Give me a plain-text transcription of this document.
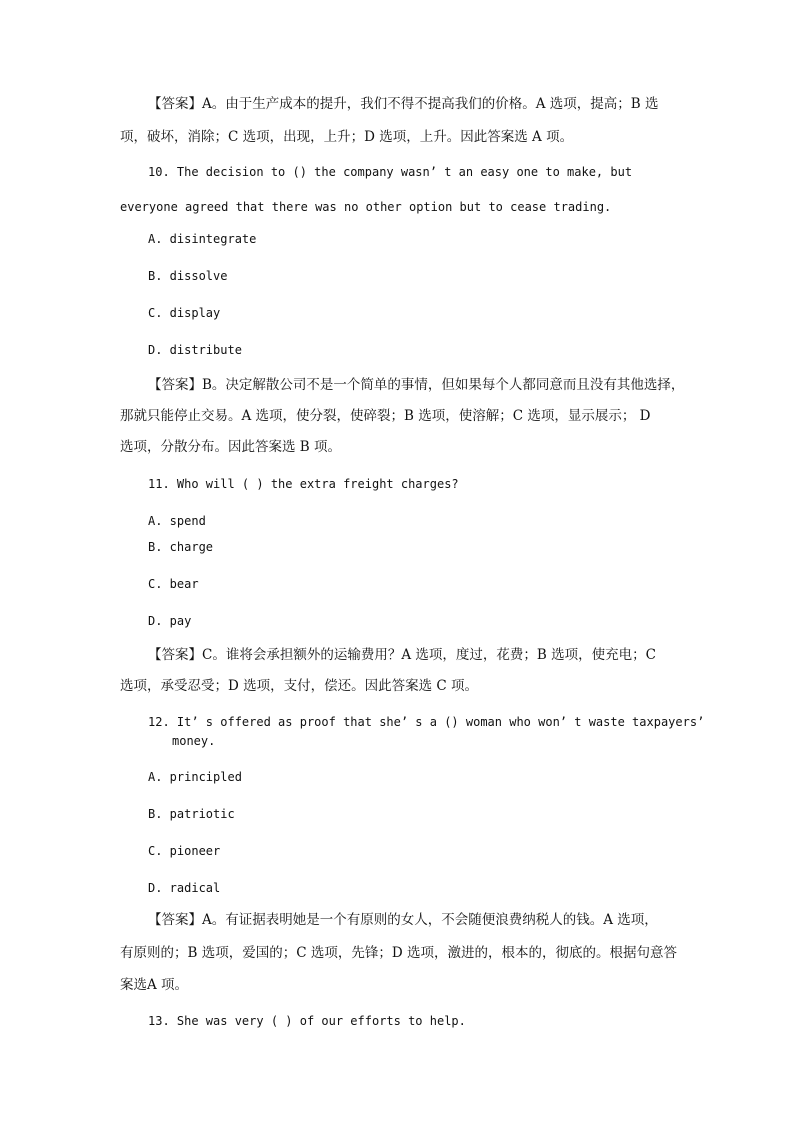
【答案】A。由于生产成本的提升，我们不得不提高我们的价格。A 选项，提高；B 选
项，破坏，消除；C 选项，出现，上升；D 选项，上升。因此答案选 A 项。
10. The decision to () the company wasn’ t an easy one to make, but
everyone agreed that there was no other option but to cease trading.
A. disintegrate
B. dissolve
C. display
D. distribute
【答案】B。决定解散公司不是一个简单的事情，但如果每个人都同意而且没有其他选择，
那就只能停止交易。A 选项，使分裂，使碎裂；B 选项，使溶解；C 选项，显示展示； D
选项，分散分布。因此答案选 B 项。
11. Who will ( ) the extra freight charges?
A. spend
B. charge
C. bear
D. pay
【答案】C。谁将会承担额外的运输费用？A 选项，度过，花费；B 选项，使充电；C
选项，承受忍受；D 选项，支付，偿还。因此答案选 C 项。
12. It’ s offered as proof that she’ s a () woman who won’ t waste taxpayers’
money.
A. principled
B. patriotic
C. pioneer
D. radical
【答案】A。有证据表明她是一个有原则的女人，不会随便浪费纳税人的钱。A 选项，
有原则的；B 选项，爱国的；C 选项，先锋；D 选项，激进的，根本的，彻底的。根据句意答
案选A 项。
13. She was very ( ) of our efforts to help.
